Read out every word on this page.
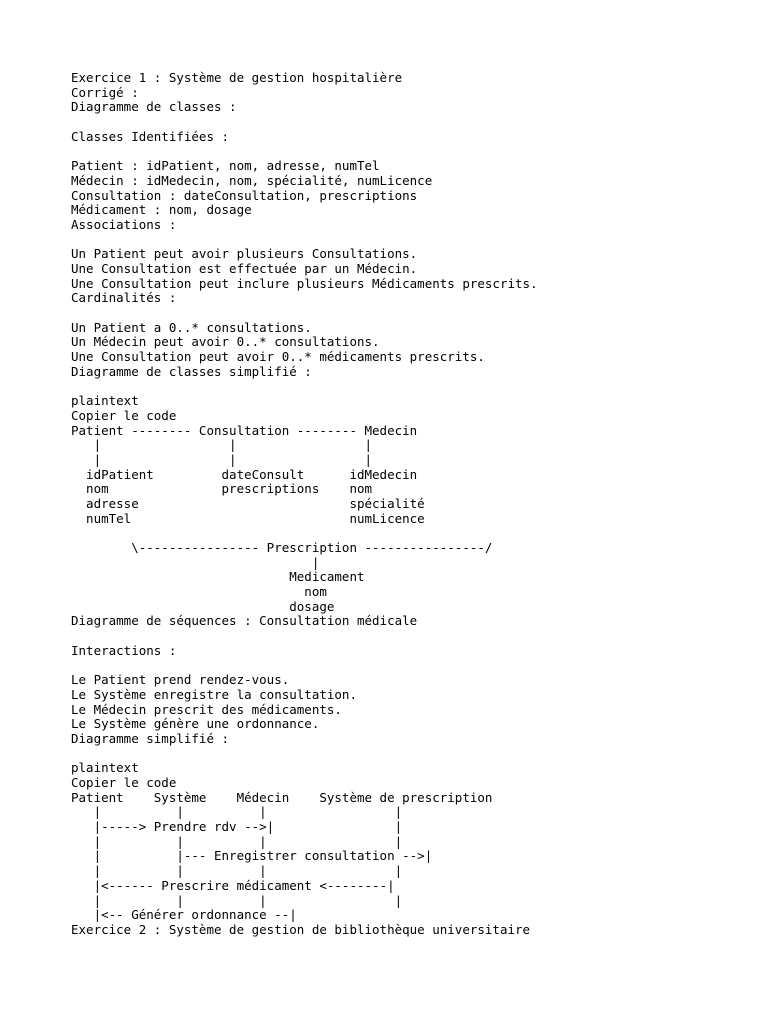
Exercice 1 : Système de gestion hospitalière
Corrigé :
Diagramme de classes :
Classes Identifiées :
Patient : idPatient, nom, adresse, numTel
Médecin : idMedecin, nom, spécialité, numLicence
Consultation : dateConsultation, prescriptions
Médicament : nom, dosage
Associations :
Un Patient peut avoir plusieurs Consultations.
Une Consultation est effectuée par un Médecin.
Une Consultation peut inclure plusieurs Médicaments prescrits.
Cardinalités :
Un Patient a 0..* consultations.
Un Médecin peut avoir 0..* consultations.
Une Consultation peut avoir 0..* médicaments prescrits.
Diagramme de classes simplifié :
plaintext
Copier le code
Patient -------- Consultation -------- Medecin
|                 |                 |
|                 |                 |
idPatient         dateConsult      idMedecin
nom               prescriptions    nom
adresse                            spécialité
numTel                             numLicence
\---------------- Prescription ----------------/
|
Medicament
nom
dosage
Diagramme de séquences : Consultation médicale
Interactions :
Le Patient prend rendez-vous.
Le Système enregistre la consultation.
Le Médecin prescrit des médicaments.
Le Système génère une ordonnance.
Diagramme simplifié :
plaintext
Copier le code
Patient    Système    Médecin    Système de prescription
|          |          |                 |
|-----> Prendre rdv -->|                |
|          |          |                 |
|          |--- Enregistrer consultation -->|
|          |          |                 |
|<------ Prescrire médicament <--------|
|          |          |                 |
|<-- Générer ordonnance --|
Exercice 2 : Système de gestion de bibliothèque universitaire
